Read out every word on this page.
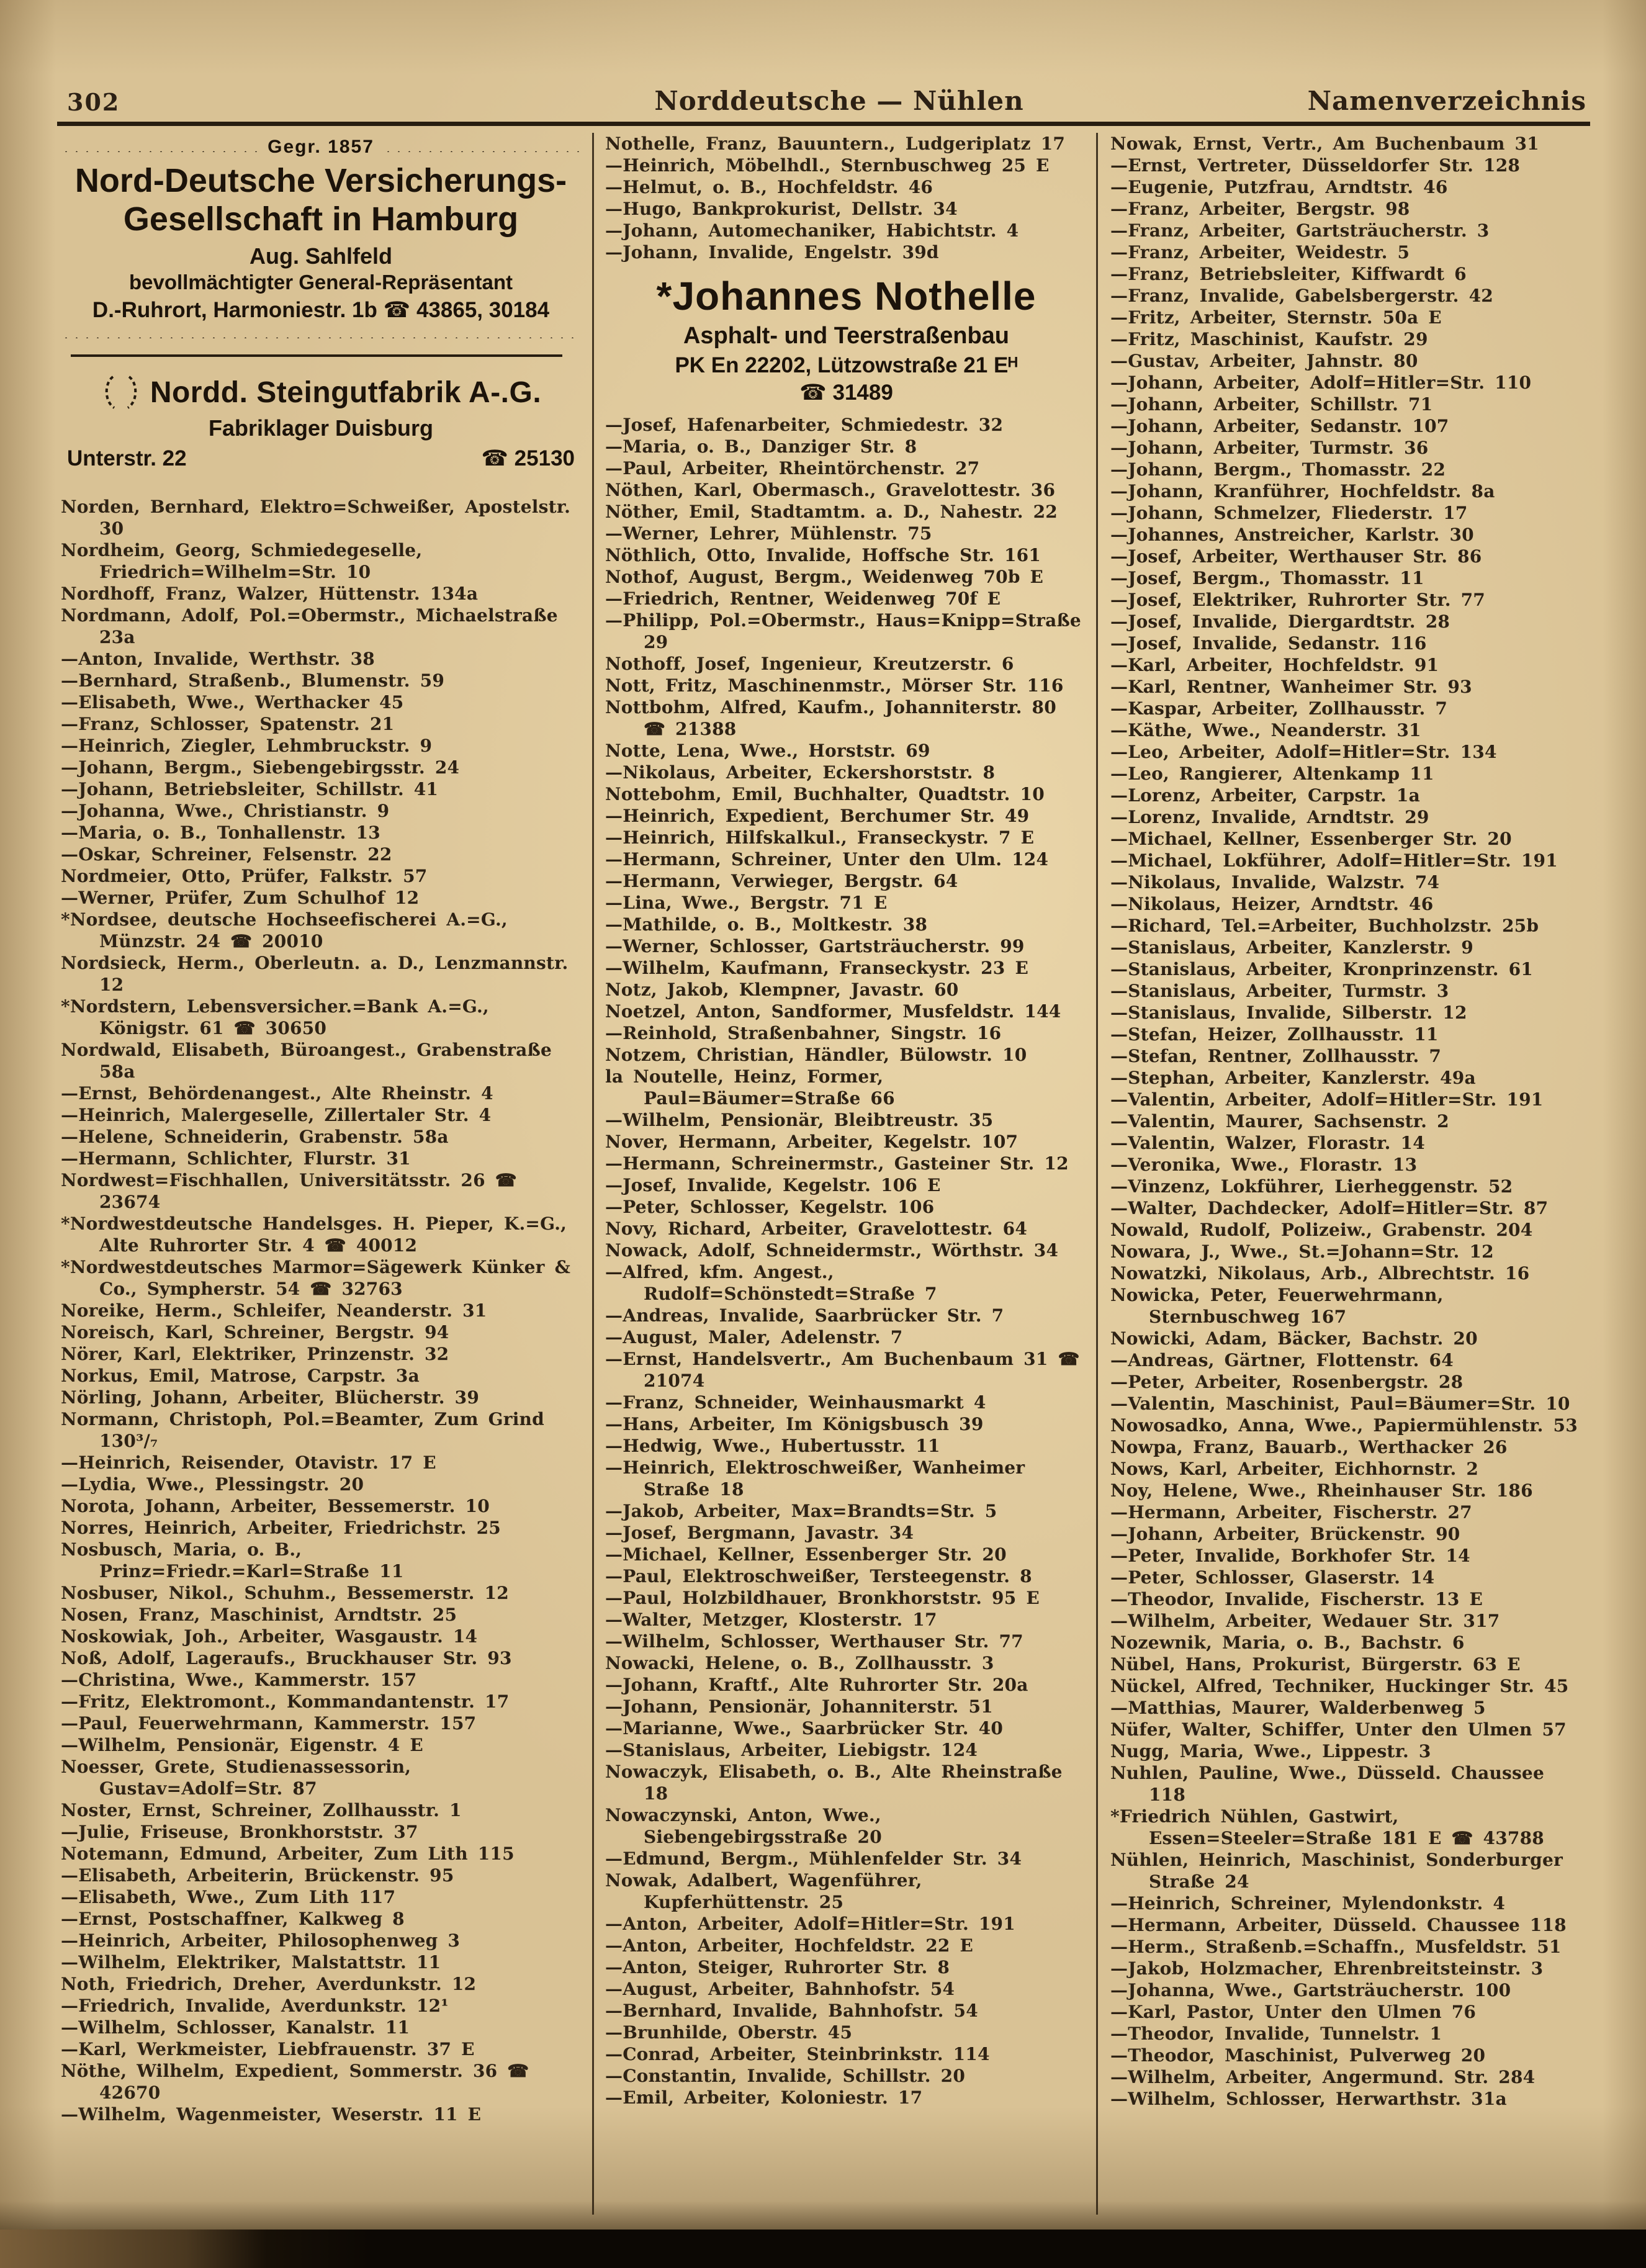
302	Norddeutsche — Nühlen	Namenverzeichnis
Gegr. 1857
Nord-Deutsche Versicherungs-
Gesellschaft in Hamburg
Aug. Sahlfeld
bevollmächtigter General-Repräsentant
D.-Ruhrort, Harmoniestr. 1b ☎ 43865, 30184
Nordd. Steingutfabrik A-.G.
Fabriklager Duisburg
Unterstr. 22	☎ 25130
Norden, Bernhard, Elektro=Schweißer, Apostelstr. 30
Nordheim, Georg, Schmiedegeselle, Friedrich=Wilhelm=Str. 10
Nordhoff, Franz, Walzer, Hüttenstr. 134a
Nordmann, Adolf, Pol.=Obermstr., Michaelstraße 23a
—Anton, Invalide, Werthstr. 38
—Bernhard, Straßenb., Blumenstr. 59
—Elisabeth, Wwe., Werthacker 45
—Franz, Schlosser, Spatenstr. 21
—Heinrich, Ziegler, Lehmbruckstr. 9
—Johann, Bergm., Siebengebirgsstr. 24
—Johann, Betriebsleiter, Schillstr. 41
—Johanna, Wwe., Christianstr. 9
—Maria, o. B., Tonhallenstr. 13
—Oskar, Schreiner, Felsenstr. 22
Nordmeier, Otto, Prüfer, Falkstr. 57
—Werner, Prüfer, Zum Schulhof 12
*Nordsee, deutsche Hochseefischerei A.=G., Münzstr. 24 ☎ 20010
Nordsieck, Herm., Oberleutn. a. D., Lenzmannstr. 12
*Nordstern, Lebensversicher.=Bank A.=G., Königstr. 61 ☎ 30650
Nordwald, Elisabeth, Büroangest., Grabenstraße 58a
—Ernst, Behördenangest., Alte Rheinstr. 4
—Heinrich, Malergeselle, Zillertaler Str. 4
—Helene, Schneiderin, Grabenstr. 58a
—Hermann, Schlichter, Flurstr. 31
Nordwest=Fischhallen, Universitätsstr. 26 ☎ 23674
*Nordwestdeutsche Handelsges. H. Pieper, K.=G., Alte Ruhrorter Str. 4 ☎ 40012
*Nordwestdeutsches Marmor=Sägewerk Künker & Co., Sympherstr. 54 ☎ 32763
Noreike, Herm., Schleifer, Neanderstr. 31
Noreisch, Karl, Schreiner, Bergstr. 94
Nörer, Karl, Elektriker, Prinzenstr. 32
Norkus, Emil, Matrose, Carpstr. 3a
Nörling, Johann, Arbeiter, Blücherstr. 39
Normann, Christoph, Pol.=Beamter, Zum Grind 130³/₇
—Heinrich, Reisender, Otavistr. 17 E
—Lydia, Wwe., Plessingstr. 20
Norota, Johann, Arbeiter, Bessemerstr. 10
Norres, Heinrich, Arbeiter, Friedrichstr. 25
Nosbusch, Maria, o. B., Prinz=Friedr.=Karl=Straße 11
Nosbuser, Nikol., Schuhm., Bessemerstr. 12
Nosen, Franz, Maschinist, Arndtstr. 25
Noskowiak, Joh., Arbeiter, Wasgaustr. 14
Noß, Adolf, Lageraufs., Bruckhauser Str. 93
—Christina, Wwe., Kammerstr. 157
—Fritz, Elektromont., Kommandantenstr. 17
—Paul, Feuerwehrmann, Kammerstr. 157
—Wilhelm, Pensionär, Eigenstr. 4 E
Noesser, Grete, Studienassessorin, Gustav=Adolf=Str. 87
Noster, Ernst, Schreiner, Zollhausstr. 1
—Julie, Friseuse, Bronkhorststr. 37
Notemann, Edmund, Arbeiter, Zum Lith 115
—Elisabeth, Arbeiterin, Brückenstr. 95
—Elisabeth, Wwe., Zum Lith 117
—Ernst, Postschaffner, Kalkweg 8
—Heinrich, Arbeiter, Philosophenweg 3
—Wilhelm, Elektriker, Malstattstr. 11
Noth, Friedrich, Dreher, Averdunkstr. 12
—Friedrich, Invalide, Averdunkstr. 12¹
—Wilhelm, Schlosser, Kanalstr. 11
—Karl, Werkmeister, Liebfrauenstr. 37 E
Nöthe, Wilhelm, Expedient, Sommerstr. 36 ☎ 42670
—Wilhelm, Wagenmeister, Weserstr. 11 E
Nothelle, Franz, Bauuntern., Ludgeriplatz 17
—Heinrich, Möbelhdl., Sternbuschweg 25 E
—Helmut, o. B., Hochfeldstr. 46
—Hugo, Bankprokurist, Dellstr. 34
—Johann, Automechaniker, Habichtstr. 4
—Johann, Invalide, Engelstr. 39d
*Johannes Nothelle
Asphalt- und Teerstraßenbau
PK En 22202, Lützowstraße 21 Eᴴ
☎ 31489
—Josef, Hafenarbeiter, Schmiedestr. 32
—Maria, o. B., Danziger Str. 8
—Paul, Arbeiter, Rheintörchenstr. 27
Nöthen, Karl, Obermasch., Gravelottestr. 36
Nöther, Emil, Stadtamtm. a. D., Nahestr. 22
—Werner, Lehrer, Mühlenstr. 75
Nöthlich, Otto, Invalide, Hoffsche Str. 161
Nothof, August, Bergm., Weidenweg 70b E
—Friedrich, Rentner, Weidenweg 70f E
—Philipp, Pol.=Obermstr., Haus=Knipp=Straße 29
Nothoff, Josef, Ingenieur, Kreutzerstr. 6
Nott, Fritz, Maschinenmstr., Mörser Str. 116
Nottbohm, Alfred, Kaufm., Johanniterstr. 80 ☎ 21388
Notte, Lena, Wwe., Horststr. 69
—Nikolaus, Arbeiter, Eckershorststr. 8
Nottebohm, Emil, Buchhalter, Quadtstr. 10
—Heinrich, Expedient, Berchumer Str. 49
—Heinrich, Hilfskalkul., Franseckystr. 7 E
—Hermann, Schreiner, Unter den Ulm. 124
—Hermann, Verwieger, Bergstr. 64
—Lina, Wwe., Bergstr. 71 E
—Mathilde, o. B., Moltkestr. 38
—Werner, Schlosser, Gartsträucherstr. 99
—Wilhelm, Kaufmann, Franseckystr. 23 E
Notz, Jakob, Klempner, Javastr. 60
Noetzel, Anton, Sandformer, Musfeldstr. 144
—Reinhold, Straßenbahner, Singstr. 16
Notzem, Christian, Händler, Bülowstr. 10
la Noutelle, Heinz, Former, Paul=Bäumer=Straße 66
—Wilhelm, Pensionär, Bleibtreustr. 35
Nover, Hermann, Arbeiter, Kegelstr. 107
—Hermann, Schreinermstr., Gasteiner Str. 12
—Josef, Invalide, Kegelstr. 106 E
—Peter, Schlosser, Kegelstr. 106
Novy, Richard, Arbeiter, Gravelottestr. 64
Nowack, Adolf, Schneidermstr., Wörthstr. 34
—Alfred, kfm. Angest., Rudolf=Schönstedt=Straße 7
—Andreas, Invalide, Saarbrücker Str. 7
—August, Maler, Adelenstr. 7
—Ernst, Handelsvertr., Am Buchenbaum 31 ☎ 21074
—Franz, Schneider, Weinhausmarkt 4
—Hans, Arbeiter, Im Königsbusch 39
—Hedwig, Wwe., Hubertusstr. 11
—Heinrich, Elektroschweißer, Wanheimer Straße 18
—Jakob, Arbeiter, Max=Brandts=Str. 5
—Josef, Bergmann, Javastr. 34
—Michael, Kellner, Essenberger Str. 20
—Paul, Elektroschweißer, Tersteegenstr. 8
—Paul, Holzbildhauer, Bronkhorststr. 95 E
—Walter, Metzger, Klosterstr. 17
—Wilhelm, Schlosser, Werthauser Str. 77
Nowacki, Helene, o. B., Zollhausstr. 3
—Johann, Kraftf., Alte Ruhrorter Str. 20a
—Johann, Pensionär, Johanniterstr. 51
—Marianne, Wwe., Saarbrücker Str. 40
—Stanislaus, Arbeiter, Liebigstr. 124
Nowaczyk, Elisabeth, o. B., Alte Rheinstraße 18
Nowaczynski, Anton, Wwe., Siebengebirgsstraße 20
—Edmund, Bergm., Mühlenfelder Str. 34
Nowak, Adalbert, Wagenführer, Kupferhüttenstr. 25
—Anton, Arbeiter, Adolf=Hitler=Str. 191
—Anton, Arbeiter, Hochfeldstr. 22 E
—Anton, Steiger, Ruhrorter Str. 8
—August, Arbeiter, Bahnhofstr. 54
—Bernhard, Invalide, Bahnhofstr. 54
—Brunhilde, Oberstr. 45
—Conrad, Arbeiter, Steinbrinkstr. 114
—Constantin, Invalide, Schillstr. 20
—Emil, Arbeiter, Koloniestr. 17
Nowak, Ernst, Vertr., Am Buchenbaum 31
—Ernst, Vertreter, Düsseldorfer Str. 128
—Eugenie, Putzfrau, Arndtstr. 46
—Franz, Arbeiter, Bergstr. 98
—Franz, Arbeiter, Gartsträucherstr. 3
—Franz, Arbeiter, Weidestr. 5
—Franz, Betriebsleiter, Kiffwardt 6
—Franz, Invalide, Gabelsbergerstr. 42
—Fritz, Arbeiter, Sternstr. 50a E
—Fritz, Maschinist, Kaufstr. 29
—Gustav, Arbeiter, Jahnstr. 80
—Johann, Arbeiter, Adolf=Hitler=Str. 110
—Johann, Arbeiter, Schillstr. 71
—Johann, Arbeiter, Sedanstr. 107
—Johann, Arbeiter, Turmstr. 36
—Johann, Bergm., Thomasstr. 22
—Johann, Kranführer, Hochfeldstr. 8a
—Johann, Schmelzer, Fliederstr. 17
—Johannes, Anstreicher, Karlstr. 30
—Josef, Arbeiter, Werthauser Str. 86
—Josef, Bergm., Thomasstr. 11
—Josef, Elektriker, Ruhrorter Str. 77
—Josef, Invalide, Diergardtstr. 28
—Josef, Invalide, Sedanstr. 116
—Karl, Arbeiter, Hochfeldstr. 91
—Karl, Rentner, Wanheimer Str. 93
—Kaspar, Arbeiter, Zollhausstr. 7
—Käthe, Wwe., Neanderstr. 31
—Leo, Arbeiter, Adolf=Hitler=Str. 134
—Leo, Rangierer, Altenkamp 11
—Lorenz, Arbeiter, Carpstr. 1a
—Lorenz, Invalide, Arndtstr. 29
—Michael, Kellner, Essenberger Str. 20
—Michael, Lokführer, Adolf=Hitler=Str. 191
—Nikolaus, Invalide, Walzstr. 74
—Nikolaus, Heizer, Arndtstr. 46
—Richard, Tel.=Arbeiter, Buchholzstr. 25b
—Stanislaus, Arbeiter, Kanzlerstr. 9
—Stanislaus, Arbeiter, Kronprinzenstr. 61
—Stanislaus, Arbeiter, Turmstr. 3
—Stanislaus, Invalide, Silberstr. 12
—Stefan, Heizer, Zollhausstr. 11
—Stefan, Rentner, Zollhausstr. 7
—Stephan, Arbeiter, Kanzlerstr. 49a
—Valentin, Arbeiter, Adolf=Hitler=Str. 191
—Valentin, Maurer, Sachsenstr. 2
—Valentin, Walzer, Florastr. 14
—Veronika, Wwe., Florastr. 13
—Vinzenz, Lokführer, Lierheggenstr. 52
—Walter, Dachdecker, Adolf=Hitler=Str. 87
Nowald, Rudolf, Polizeiw., Grabenstr. 204
Nowara, J., Wwe., St.=Johann=Str. 12
Nowatzki, Nikolaus, Arb., Albrechtstr. 16
Nowicka, Peter, Feuerwehrmann, Sternbuschweg 167
Nowicki, Adam, Bäcker, Bachstr. 20
—Andreas, Gärtner, Flottenstr. 64
—Peter, Arbeiter, Rosenbergstr. 28
—Valentin, Maschinist, Paul=Bäumer=Str. 10
Nowosadko, Anna, Wwe., Papiermühlenstr. 53
Nowpa, Franz, Bauarb., Werthacker 26
Nows, Karl, Arbeiter, Eichhornstr. 2
Noy, Helene, Wwe., Rheinhauser Str. 186
—Hermann, Arbeiter, Fischerstr. 27
—Johann, Arbeiter, Brückenstr. 90
—Peter, Invalide, Borkhofer Str. 14
—Peter, Schlosser, Glaserstr. 14
—Theodor, Invalide, Fischerstr. 13 E
—Wilhelm, Arbeiter, Wedauer Str. 317
Nozewnik, Maria, o. B., Bachstr. 6
Nübel, Hans, Prokurist, Bürgerstr. 63 E
Nückel, Alfred, Techniker, Huckinger Str. 45
—Matthias, Maurer, Walderbenweg 5
Nüfer, Walter, Schiffer, Unter den Ulmen 57
Nugg, Maria, Wwe., Lippestr. 3
Nuhlen, Pauline, Wwe., Düsseld. Chaussee 118
*Friedrich Nühlen, Gastwirt, Essen=Steeler=Straße 181 E ☎ 43788
Nühlen, Heinrich, Maschinist, Sonderburger Straße 24
—Heinrich, Schreiner, Mylendonkstr. 4
—Hermann, Arbeiter, Düsseld. Chaussee 118
—Herm., Straßenb.=Schaffn., Musfeldstr. 51
—Jakob, Holzmacher, Ehrenbreitsteinstr. 3
—Johanna, Wwe., Gartsträucherstr. 100
—Karl, Pastor, Unter den Ulmen 76
—Theodor, Invalide, Tunnelstr. 1
—Theodor, Maschinist, Pulverweg 20
—Wilhelm, Arbeiter, Angermund. Str. 284
—Wilhelm, Schlosser, Herwarthstr. 31a
